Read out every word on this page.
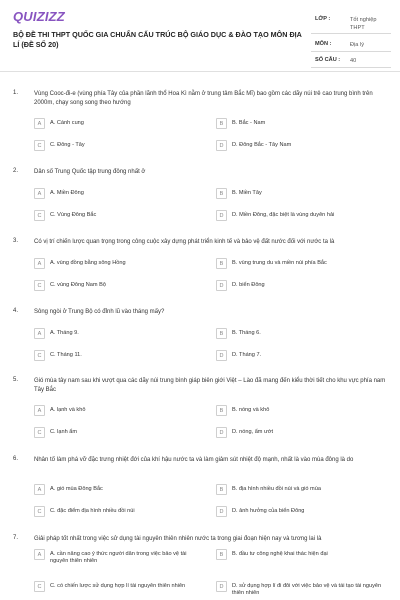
QUIZIZZ
BỘ ĐỀ THI THPT QUỐC GIA CHUẨN CẤU TRÚC BỘ GIÁO DỤC & ĐÀO TẠO MÔN ĐỊA LÍ (ĐỀ SỐ 20)
LỚP :	Tốt nghiệp THPT
MÔN :	Địa lý
SỐ CÂU : 40
1.	Vùng Cooc-đi-e (vùng phía Tây của phần lãnh thổ Hoa Kì nằm ở trung tâm Bắc Mĩ) bao gồm các dãy núi trẻ cao trung bình trên 2000m, chạy song song theo hướng
A	A. Cánh cung	B	B. Bắc - Nam
C	C. Đông - Tây	D	D. Đông Bắc - Tây Nam
2.	Dân số Trung Quốc tập trung đông nhất ở
A	A. Miền Đông	B	B. Miền Tây
C	C. Vùng Đông Bắc	D	D. Miền Đông, đặc biệt là vùng duyên hải
3.	Có vị trí chiến lược quan trọng trong công cuộc xây dựng phát triển kinh tế và bảo vệ đất nước đối với nước ta là
A	A. vùng đồng bằng sông Hồng	B	B. vùng trung du và miền núi phía Bắc
C	C. vùng Đông Nam Bộ	D	D. biển Đông
4.	Sông ngòi ở Trung Bộ có đỉnh lũ vào tháng mấy?
A	A. Tháng 9.	B	B. Tháng 6.
C	C. Tháng 11.	D	D. Tháng 7.
5.	Gió mùa tây nam sau khi vượt qua các dãy núi trung bình giáp biên giới Việt – Lào đã mang đến kiểu thời tiết cho khu vực phía nam Tây Bắc
A	A. lạnh và khô	B	B. nóng và khô
C	C. lạnh ẩm	D	D. nóng, ẩm ướt
6.	Nhân tố làm phá vỡ đặc trưng nhiệt đới của khí hậu nước ta và làm giảm sút nhiệt độ mạnh, nhất là vào mùa đông là do
A	A. gió mùa Đông Bắc	B	B. địa hình nhiều đồi núi và gió mùa
C	C. đặc điểm địa hình nhiều đồi núi	D	D. ảnh hưởng của biển Đông
7.	Giải pháp tốt nhất trong việc sử dụng tài nguyên thiên nhiên nước ta trong giai đoạn hiện nay và tương lai là
A	A. cần nâng cao ý thức người dân trong việc bảo vệ tài nguyên thiên nhiên
B	B. đầu tư công nghệ khai thác hiện đại
C	C. có chiến lược sử dụng hợp lí tài nguyên thiên nhiên	D	D. sử dụng hợp lí đi đôi với việc bảo vệ và tái tạo tài nguyên thiên nhiên
